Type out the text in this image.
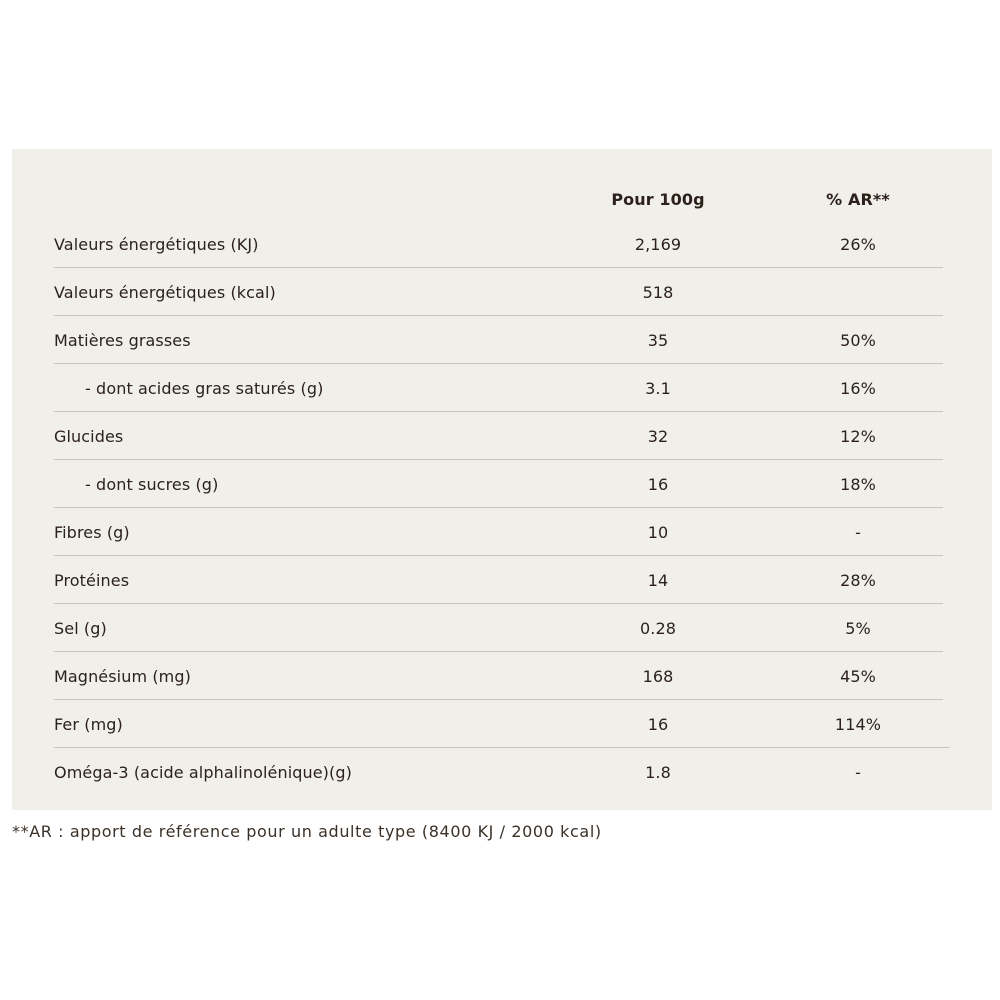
Pour 100g	% AR**
Valeurs énergétiques (KJ)	2,169	26%
Valeurs énergétiques (kcal)	518
Matières grasses	35	50%
- dont acides gras saturés (g)	3.1	16%
Glucides	32	12%
- dont sucres (g)	16	18%
Fibres (g)	10	-
Protéines	14	28%
Sel (g)	0.28	5%
Magnésium (mg)	168	45%
Fer (mg)	16	114%
Oméga-3 (acide alphalinolénique)(g)	1.8	-
**AR : apport de référence pour un adulte type (8400 KJ / 2000 kcal)
